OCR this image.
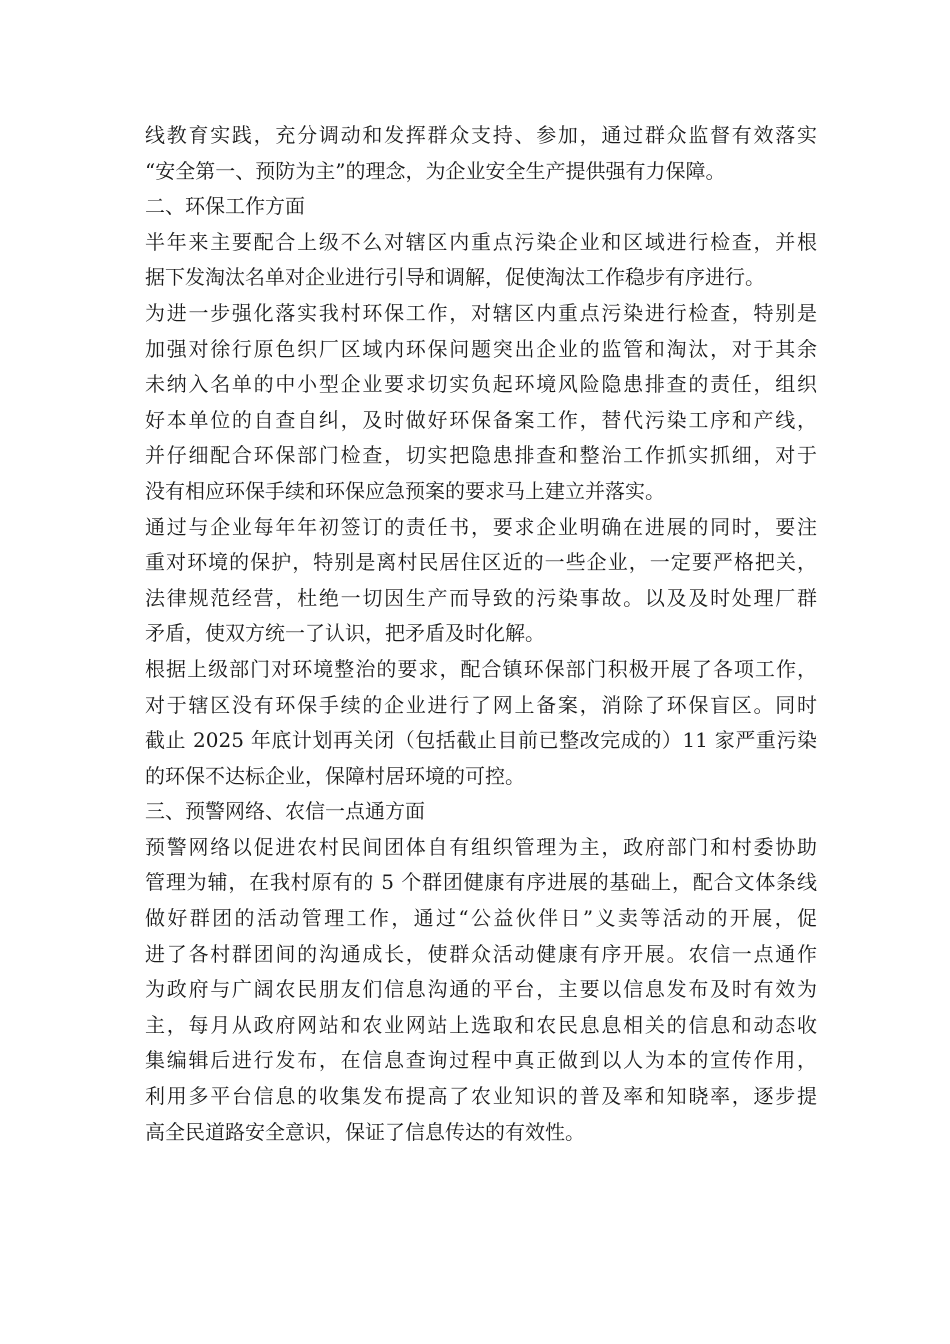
线教育实践，充分调动和发挥群众支持、参加，通过群众监督有效落实
“安全第一、预防为主”的理念，为企业安全生产提供强有力保障。
二、环保工作方面
半年来主要配合上级不么对辖区内重点污染企业和区域进行检查，并根
据下发淘汰名单对企业进行引导和调解，促使淘汰工作稳步有序进行。
为进一步强化落实我村环保工作，对辖区内重点污染进行检查，特别是
加强对徐行原色织厂区域内环保问题突出企业的监管和淘汰，对于其余
未纳入名单的中小型企业要求切实负起环境风险隐患排查的责任，组织
好本单位的自查自纠，及时做好环保备案工作，替代污染工序和产线，
并仔细配合环保部门检查，切实把隐患排查和整治工作抓实抓细，对于
没有相应环保手续和环保应急预案的要求马上建立并落实。
通过与企业每年年初签订的责任书，要求企业明确在进展的同时，要注
重对环境的保护，特别是离村民居住区近的一些企业，一定要严格把关，
法律规范经营，杜绝一切因生产而导致的污染事故。以及及时处理厂群
矛盾，使双方统一了认识，把矛盾及时化解。
根据上级部门对环境整治的要求，配合镇环保部门积极开展了各项工作，
对于辖区没有环保手续的企业进行了网上备案，消除了环保盲区。同时
截止 2025 年底计划再关闭（包括截止目前已整改完成的）11 家严重污染
的环保不达标企业，保障村居环境的可控。
三、预警网络、农信一点通方面
预警网络以促进农村民间团体自有组织管理为主，政府部门和村委协助
管理为辅，在我村原有的 5 个群团健康有序进展的基础上，配合文体条线
做好群团的活动管理工作，通过“公益伙伴日”义卖等活动的开展，促
进了各村群团间的沟通成长，使群众活动健康有序开展。农信一点通作
为政府与广阔农民朋友们信息沟通的平台，主要以信息发布及时有效为
主，每月从政府网站和农业网站上选取和农民息息相关的信息和动态收
集编辑后进行发布，在信息查询过程中真正做到以人为本的宣传作用，
利用多平台信息的收集发布提高了农业知识的普及率和知晓率，逐步提
高全民道路安全意识，保证了信息传达的有效性。
